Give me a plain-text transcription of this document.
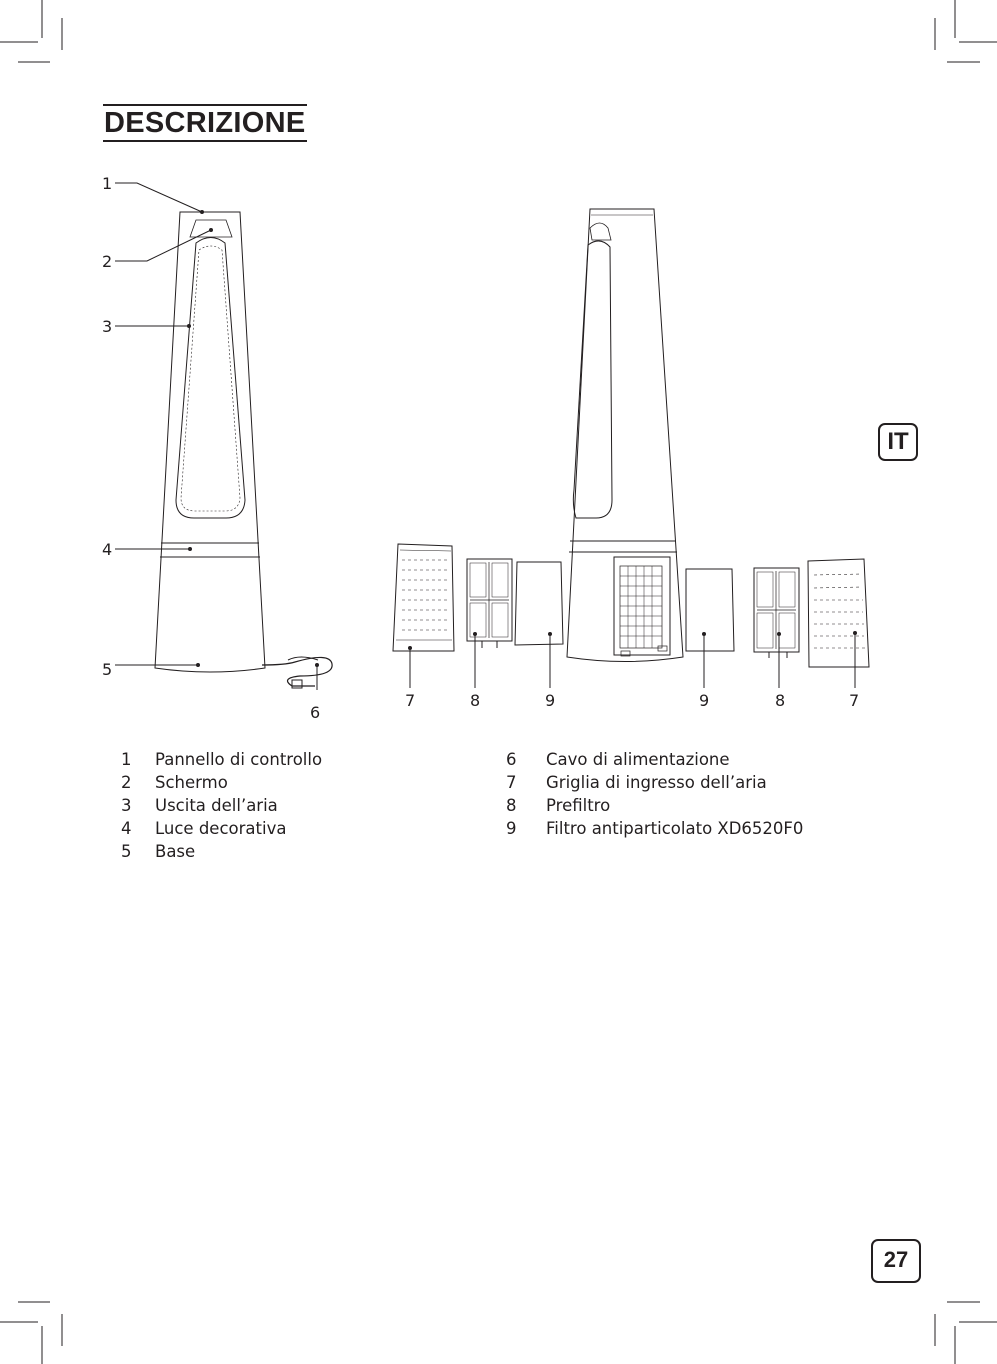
DESCRIZIONE
1
2
3
4
5
6
7	8	9	9	8	7
1	Pannello di controllo
2	Schermo
3	Uscita dell’aria
4	Luce decorativa
5	Base
6	Cavo di alimentazione
7	Griglia di ingresso dell’aria
8	Prefiltro
9	Filtro antiparticolato XD6520F0
IT
27
